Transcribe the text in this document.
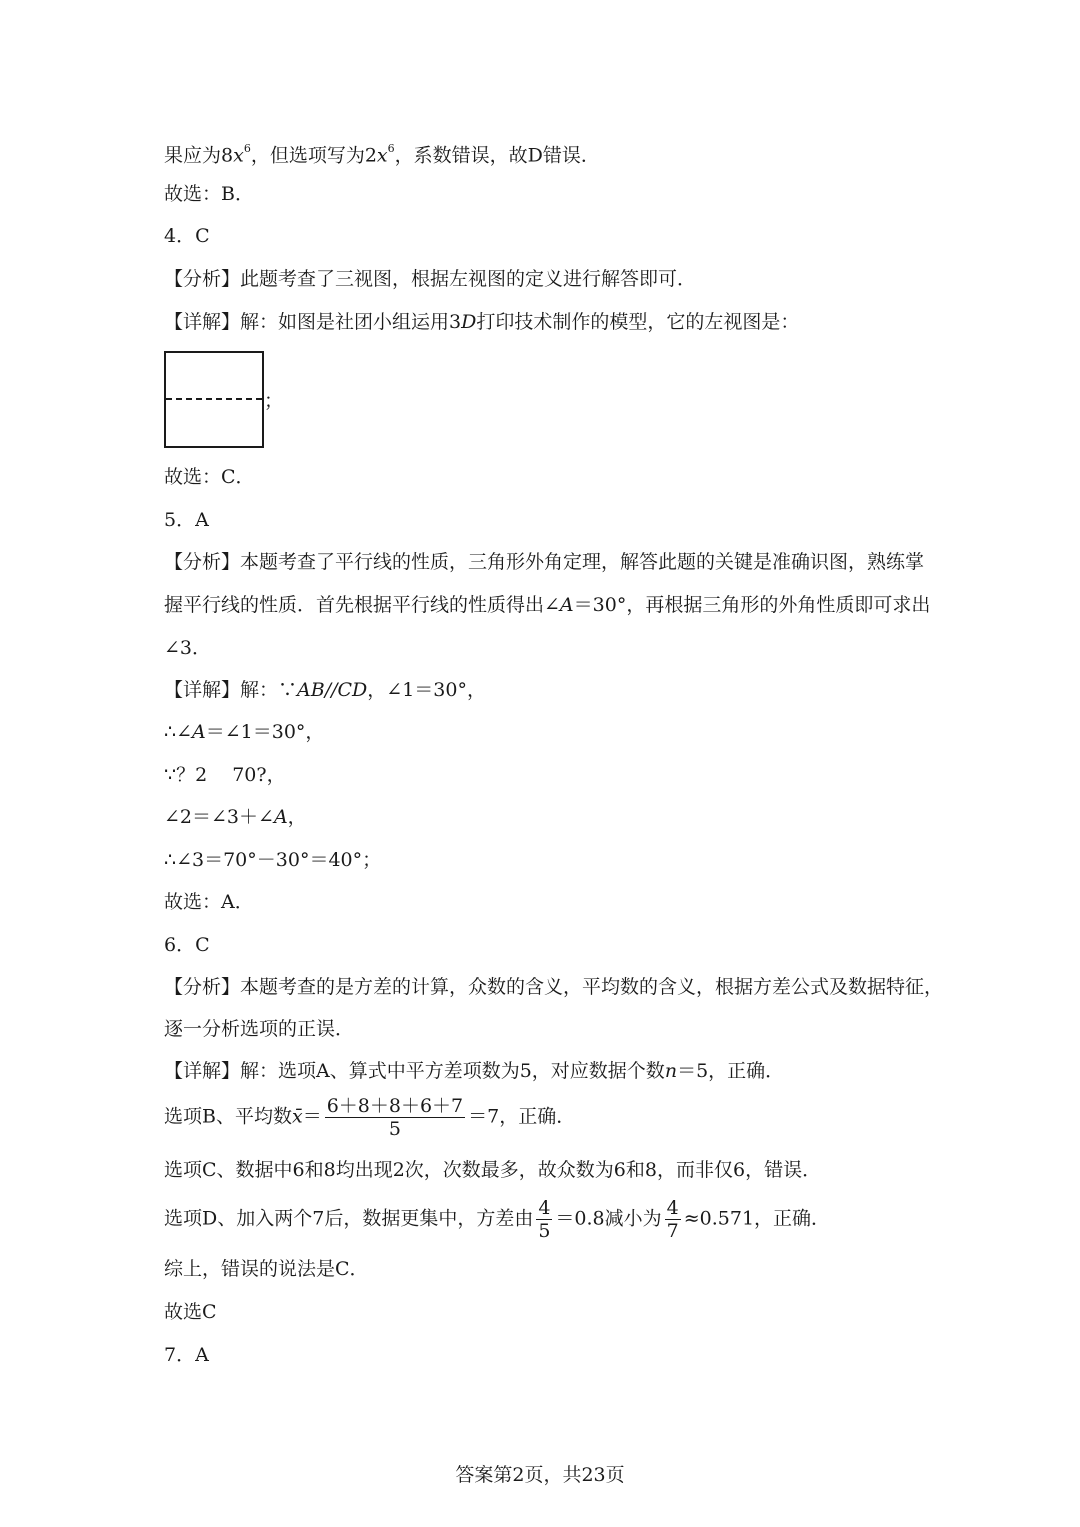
果应为$8x^6$，但选项写为$2x^6$，系数错误，故D错误．
故选：B．
4．C
【分析】此题考查了三视图，根据左视图的定义进行解答即可．
【详解】解：如图是社团小组运用3D打印技术制作的模型，它的左视图是：
；
故选：C．
5．A
【分析】本题考查了平行线的性质，三角形外角定理，解答此题的关键是准确识图，熟练掌
握平行线的性质．首先根据平行线的性质得出∠A＝30°，再根据三角形的外角性质即可求出
∠3．
【详解】解：∵AB//CD，∠1＝30°，
∴∠A＝∠1＝30°，
∵？2　 70?，
∠2＝∠3＋∠A，
∴∠3＝70°－30°＝40°；
故选：A．
6．C
【分析】本题考查的是方差的计算，众数的含义，平均数的含义，根据方差公式及数据特征，
逐一分析选项的正误．
【详解】解：选项A、算式中平方差项数为5，对应数据个数n＝5，正确．
选项B、平均数x̄＝ $\frac{6+8+8+6+7}{5} =7$，正确．
选项C、数据中6和8均出现2次，次数最多，故众数为6和8，而非仅6，错误．
选项D、加入两个7后，数据更集中，方差由 $\frac{4}{5} =0.8$减小为 $\frac{4}{7} \approx 0.571$，正确．
综上，错误的说法是C．
故选C
7．A
答案第2页，共23页
